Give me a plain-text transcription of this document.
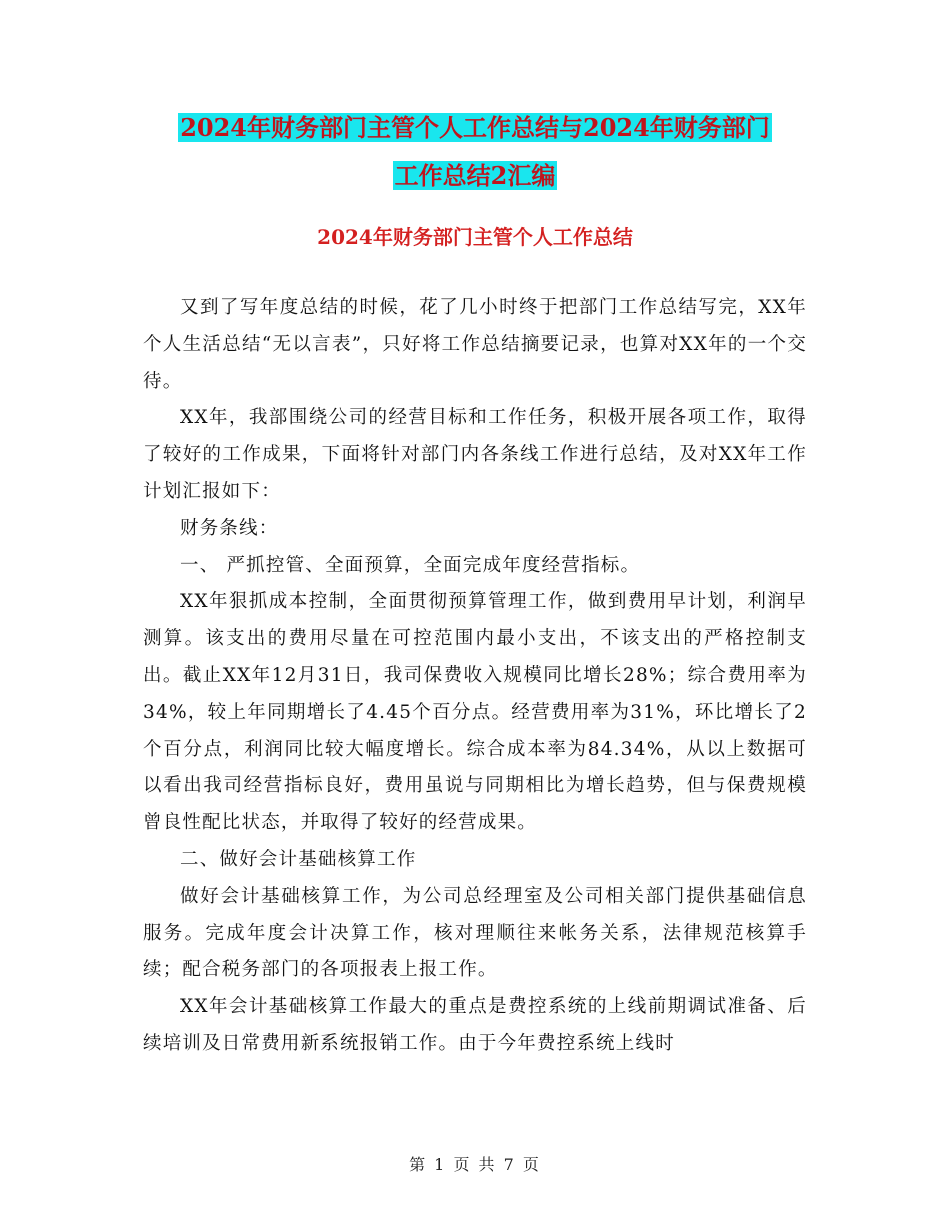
2024年财务部门主管个人工作总结与2024年财务部门
工作总结2汇编
2024年财务部门主管个人工作总结

又到了写年度总结的时候，花了几小时终于把部门工作总结写完，XX年个人生活总结“无以言表”，只好将工作总结摘要记录，也算对XX年的一个交待。

XX年，我部围绕公司的经营目标和工作任务，积极开展各项工作，取得了较好的工作成果，下面将针对部门内各条线工作进行总结，及对XX年工作计划汇报如下：

财务条线：

一、 严抓控管、全面预算，全面完成年度经营指标。

XX年狠抓成本控制，全面贯彻预算管理工作，做到费用早计划，利润早测算。该支出的费用尽量在可控范围内最小支出，不该支出的严格控制支出。截止XX年12月31日，我司保费收入规模同比增长28%；综合费用率为34%，较上年同期增长了4.45个百分点。经营费用率为31%，环比增长了2个百分点，利润同比较大幅度增长。综合成本率为84.34%，从以上数据可以看出我司经营指标良好，费用虽说与同期相比为增长趋势，但与保费规模曾良性配比状态，并取得了较好的经营成果。

二、做好会计基础核算工作

做好会计基础核算工作，为公司总经理室及公司相关部门提供基础信息服务。完成年度会计决算工作，核对理顺往来帐务关系，法律规范核算手续；配合税务部门的各项报表上报工作。

XX年会计基础核算工作最大的重点是费控系统的上线前期调试准备、后续培训及日常费用新系统报销工作。由于今年费控系统上线时

第 1 页 共 7 页
